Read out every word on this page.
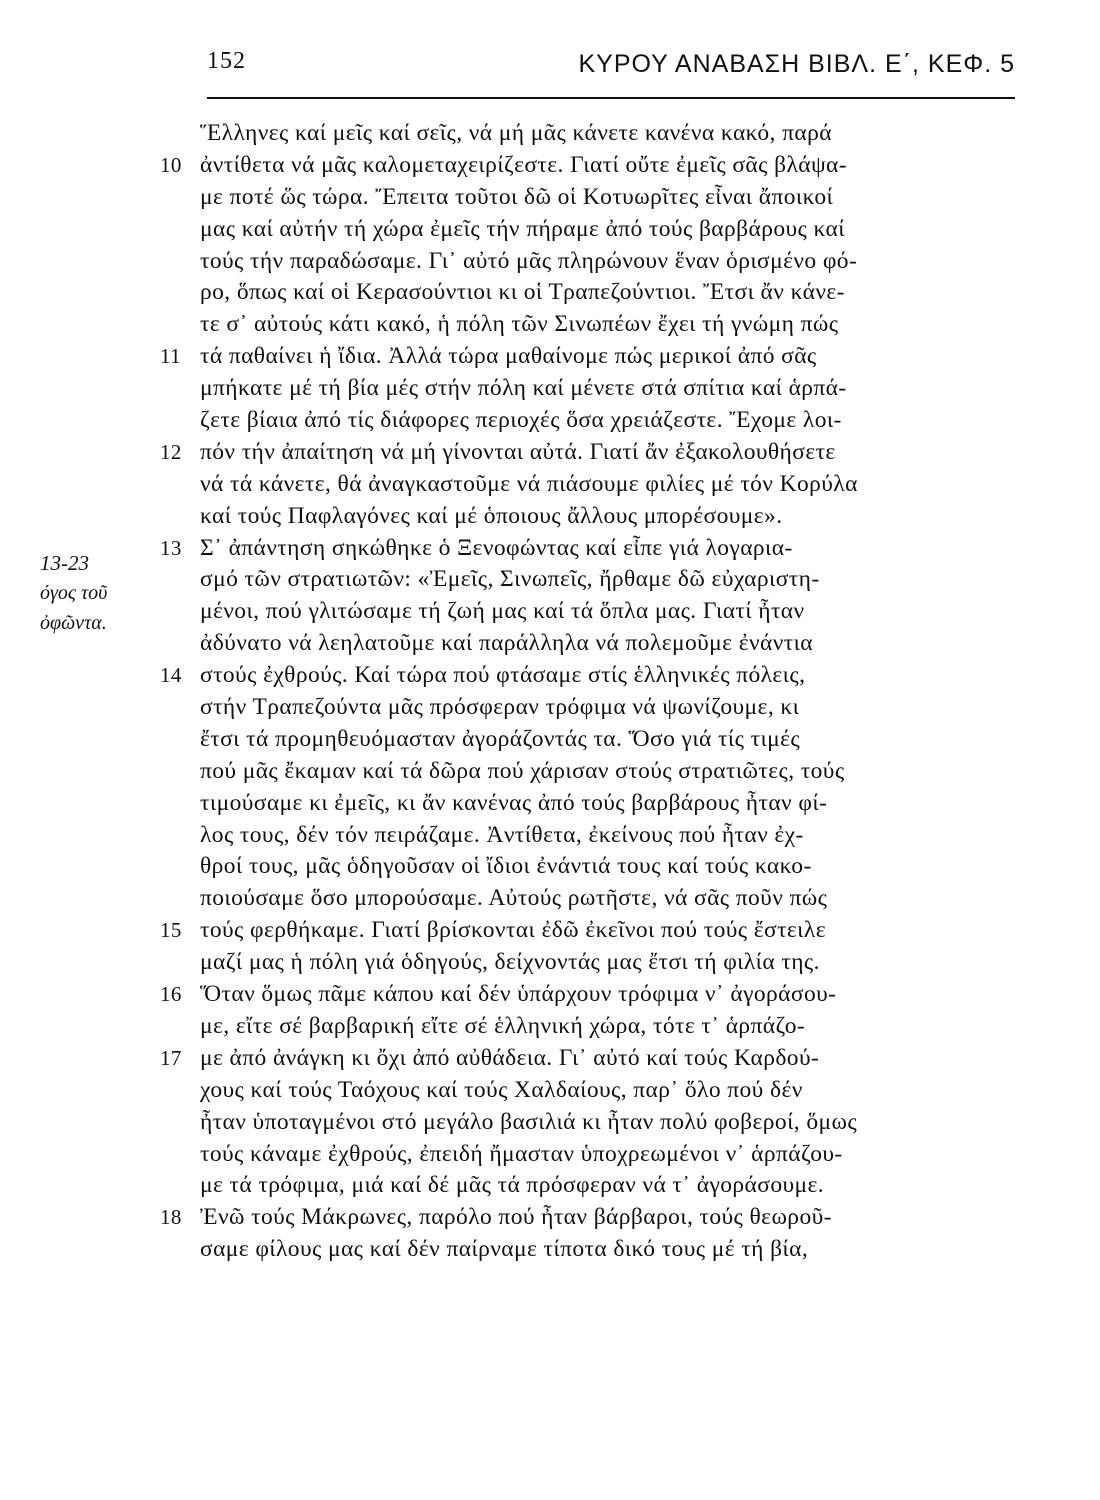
152	ΚΥΡΟΥ ΑΝΑΒΑΣΗ ΒΙΒΛ. Ε΄, ΚΕΦ. 5
13-23
όγος τοῦ
ὀφῶντα.
Ἕλληνες καί μεῖς καί σεῖς, νά μή μᾶς κάνετε κανένα κακό, παρά
10 ἀντίθετα νά μᾶς καλομεταχειρίζεστε. Γιατί οὔτε ἐμεῖς σᾶς βλάψα-
με ποτέ ὥς τώρα. Ἔπειτα τοῦτοι δῶ οἱ Κοτυωρῖτες εἶναι ἄποικοί
μας καί αὐτήν τή χώρα ἐμεῖς τήν πήραμε ἀπό τούς βαρβάρους καί
τούς τήν παραδώσαμε. Γι᾽ αὐτό μᾶς πληρώνουν ἕναν ὁρισμένο φό-
ρο, ὅπως καί οἱ Κερασούντιοι κι οἱ Τραπεζούντιοι. Ἔτσι ἄν κάνε-
τε σ᾽ αὐτούς κάτι κακό, ἡ πόλη τῶν Σινωπέων ἔχει τή γνώμη πώς
11 τά παθαίνει ἡ ἴδια. Ἀλλά τώρα μαθαίνομε πώς μερικοί ἀπό σᾶς
μπήκατε μέ τή βία μές στήν πόλη καί μένετε στά σπίτια καί ἁρπά-
ζετε βίαια ἀπό τίς διάφορες περιοχές ὅσα χρειάζεστε. Ἔχομε λοι-
12 πόν τήν ἀπαίτηση νά μή γίνονται αὐτά. Γιατί ἄν ἐξακολουθήσετε
νά τά κάνετε, θά ἀναγκαστοῦμε νά πιάσουμε φιλίες μέ τόν Κορύλα
καί τούς Παφλαγόνες καί μέ ὁποιους ἄλλους μπορέσουμε».
13 Σ᾽ ἀπάντηση σηκώθηκε ὁ Ξενοφώντας καί εἶπε γιά λογαρια-
σμό τῶν στρατιωτῶν: «Ἐμεῖς, Σινωπεῖς, ἤρθαμε δῶ εὐχαριστη-
μένοι, πού γλιτώσαμε τή ζωή μας καί τά ὅπλα μας. Γιατί ἦταν
ἀδύνατο νά λεηλατοῦμε καί παράλληλα νά πολεμοῦμε ἐνάντια
14 στούς ἐχθρούς. Καί τώρα πού φτάσαμε στίς ἑλληνικές πόλεις,
στήν Τραπεζούντα μᾶς πρόσφεραν τρόφιμα νά ψωνίζουμε, κι
ἔτσι τά προμηθευόμασταν ἀγοράζοντάς τα. Ὅσο γιά τίς τιμές
πού μᾶς ἔκαμαν καί τά δῶρα πού χάρισαν στούς στρατιῶτες, τούς
τιμούσαμε κι ἐμεῖς, κι ἄν κανένας ἀπό τούς βαρβάρους ἦταν φί-
λος τους, δέν τόν πειράζαμε. Ἀντίθετα, ἐκείνους πού ἦταν ἐχ-
θροί τους, μᾶς ὁδηγοῦσαν οἱ ἴδιοι ἐνάντιά τους καί τούς κακο-
ποιούσαμε ὅσο μπορούσαμε. Αὐτούς ρωτῆστε, νά σᾶς ποῦν πώς
15 τούς φερθήκαμε. Γιατί βρίσκονται ἐδῶ ἐκεῖνοι πού τούς ἔστειλε
μαζί μας ἡ πόλη γιά ὁδηγούς, δείχνοντάς μας ἔτσι τή φιλία της.
16 Ὅταν ὅμως πᾶμε κάπου καί δέν ὑπάρχουν τρόφιμα ν᾽ ἀγοράσου-
με, εἴτε σέ βαρβαρική εἴτε σέ ἑλληνική χώρα, τότε τ᾽ ἁρπάζο-
17 με ἀπό ἀνάγκη κι ὄχι ἀπό αὐθάδεια. Γι᾽ αὐτό καί τούς Καρδού-
χους καί τούς Ταόχους καί τούς Χαλδαίους, παρ᾽ ὅλο πού δέν
ἦταν ὑποταγμένοι στό μεγάλο βασιλιά κι ἦταν πολύ φοβεροί, ὅμως
τούς κάναμε ἐχθρούς, ἐπειδή ἤμασταν ὑποχρεωμένοι ν᾽ ἁρπάζου-
με τά τρόφιμα, μιά καί δέ μᾶς τά πρόσφεραν νά τ᾽ ἀγοράσουμε.
18 Ἐνῶ τούς Μάκρωνες, παρόλο πού ἦταν βάρβαροι, τούς θεωροῦ-
σαμε φίλους μας καί δέν παίρναμε τίποτα δικό τους μέ τή βία,
